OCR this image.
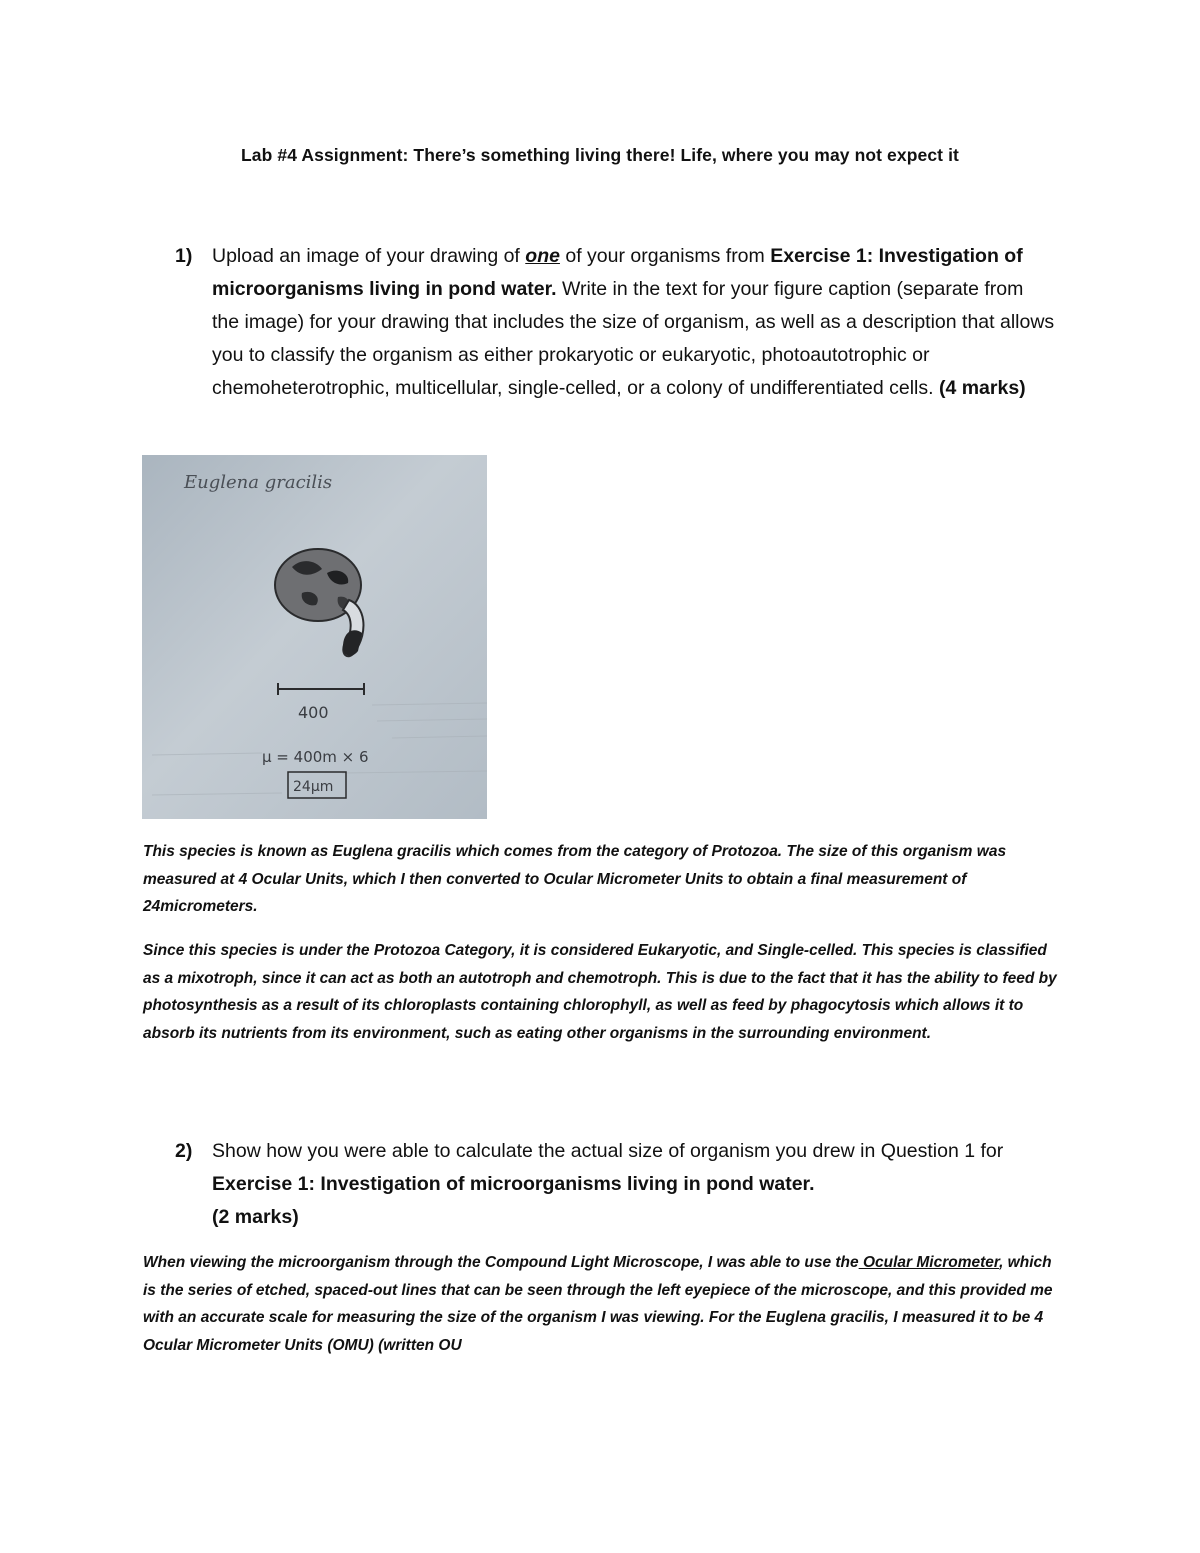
Lab #4 Assignment: There’s something living there! Life, where you may not expect it
1) Upload an image of your drawing of one of your organisms from Exercise 1: Investigation of microorganisms living in pond water. Write in the text for your figure caption (separate from the image) for your drawing that includes the size of organism, as well as a description that allows you to classify the organism as either prokaryotic or eukaryotic, photoautotrophic or chemoheterotrophic, multicellular, single-celled, or a colony of undifferentiated cells. (4 marks)
Euglena gracilis
400
μ = 400m × 6
24μm
This species is known as Euglena gracilis which comes from the category of Protozoa. The size of this organism was measured at 4 Ocular Units, which I then converted to Ocular Micrometer Units to obtain a final measurement of 24micrometers.
Since this species is under the Protozoa Category, it is considered Eukaryotic, and Single-celled. This species is classified as a mixotroph, since it can act as both an autotroph and chemotroph. This is due to the fact that it has the ability to feed by photosynthesis as a result of its chloroplasts containing chlorophyll, as well as feed by phagocytosis which allows it to absorb its nutrients from its environment, such as eating other organisms in the surrounding environment.
2) Show how you were able to calculate the actual size of organism you drew in Question 1 for Exercise 1: Investigation of microorganisms living in pond water.
(2 marks)
When viewing the microorganism through the Compound Light Microscope, I was able to use the Ocular Micrometer, which is the series of etched, spaced-out lines that can be seen through the left eyepiece of the microscope, and this provided me with an accurate scale for measuring the size of the organism I was viewing. For the Euglena gracilis, I measured it to be 4 Ocular Micrometer Units (OMU) (written OU
